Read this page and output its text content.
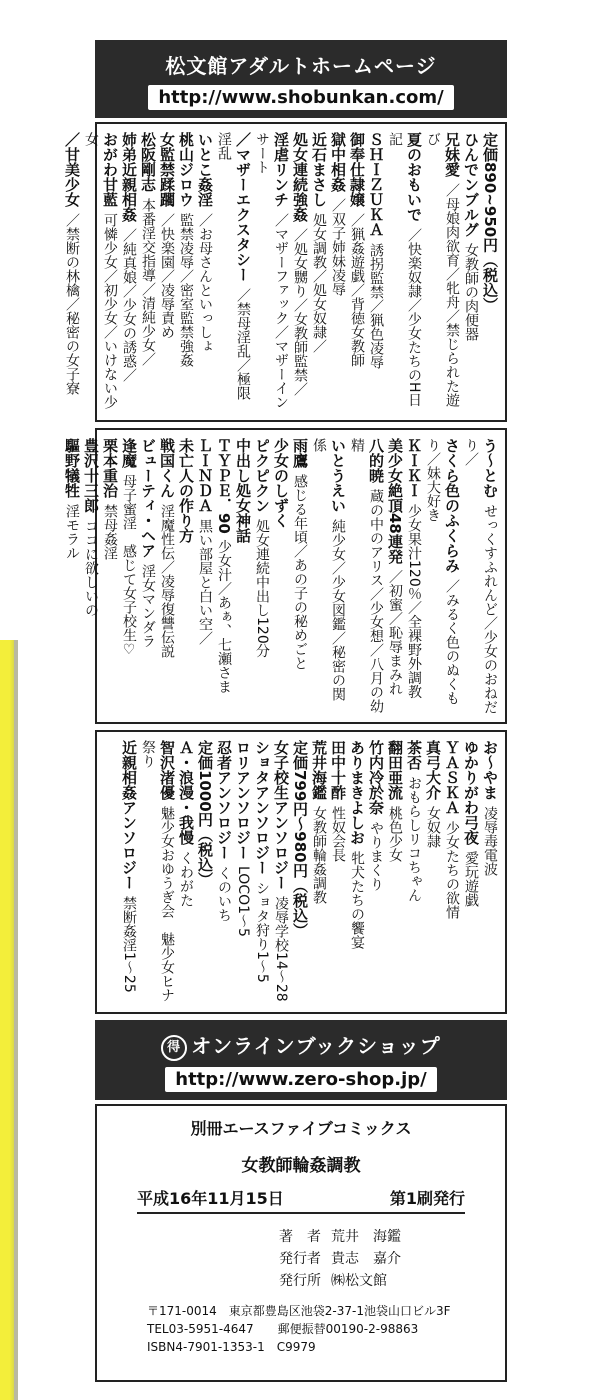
松文館アダルトホームページ
http://www.shobunkan.com/
定価890~950円（税込）
ひんでンブルグ女教師の肉便器
兄妹愛／母娘肉欲育／牝舟／禁じられた遊び
夏のおもいで／快楽奴隷／少女たちのH日記
ＳＨＩＺＵＫＡ誘拐監禁／猟色凌辱
御奉仕隷嬢／猟姦遊戯／背徳女教師
獄中相姦／双子姉妹凌辱
近石まさし処女調教／処女奴隷／
処女連続強姦／処女嬲り／女教師監禁／
淫虐リンチ／マザーファック／マザーインサート
／マザーエクスタシー／禁母淫乱／極限淫乱
いとこ姦淫／お母さんといっしょ
桃山ジロウ監禁凌辱／密室監禁強姦
女監禁蹂躙／快楽園／凌辱責め
松阪剛志本番淫交指導／清純少女／
姉弟近親相姦／純真娘／少女の誘惑／
おがわ甘藍可憐少女／初少女／いけない少女
／甘美少女／禁断の林檎／秘密の女子寮
う～とむせっくすふれんど／少女のおねだり／
さくら色のふくらみ／みるく色のぬくもり／妹大好き
ＫＩＫＩ少女果汁120％／全裸野外調教
美少女絶頂48連発／初蜜／恥辱まみれ
八的暁蔵の中のアリス／少女想／八月の幼精
いとうえい純少女／少女図鑑／秘密の関係
雨鷹感じる年頃／あの子の秘めごと
少女のしずく
ピクピクン処女連続中出し120分
中出し処女神話
ＴＹＰＥ．90少女汁／あぁ、七瀬さま
ＬＩＮＤＡ黒い部屋と白い空／
未亡人の作り方
戦国くん淫魔性伝／凌辱復讐伝説
ビューティ・ヘア淫女マンダラ
逢魔母子蜜淫　感じて女子校生♡
栗本重治禁母姦淫
豊沢十三郎ココに欲しいの
驅野犠牲淫モラル
お～やま凌辱毒電波
ゆかりがわ弓夜愛玩遊戯
ＹＡＳＫＡ少女たちの欲情
真弓大介女奴隷
茶否おもらしリコちゃん
翻田亜流桃色少女
竹内冷於奈やりまくり
ありまきよしお牝犬たちの饗宴
田中十酢性奴会長
荒井海鑑女教師輪姦調教
定価799円～980円（税込）
女子校生アンソロジー凌辱学校14～28
ショタアンソロジーショタ狩り1～5
ロリアンソロジーLOCO1～5
忍者アンソロジーくのいち
定価1000円（税込）
Ａ・浪漫・我慢くわがた
智沢渚優魅少女おゆうぎ会　魅少女ヒナ祭り
近親相姦アンソロジー禁断姦淫1～25
得 オンラインブックショップ
http://www.zero-shop.jp/
別冊エースファイブコミックス
女教師輪姦調教
平成16年11月15日	第1刷発行
著　者 荒井　海鑑
発行者 貴志　嘉介
発行所 ㈱松文館
〒171-0014　東京都豊島区池袋2-37-1池袋山口ビル3F
TEL03-5951-4647　　郵便振替00190-2-98863
ISBN4-7901-1353-1　C9979
